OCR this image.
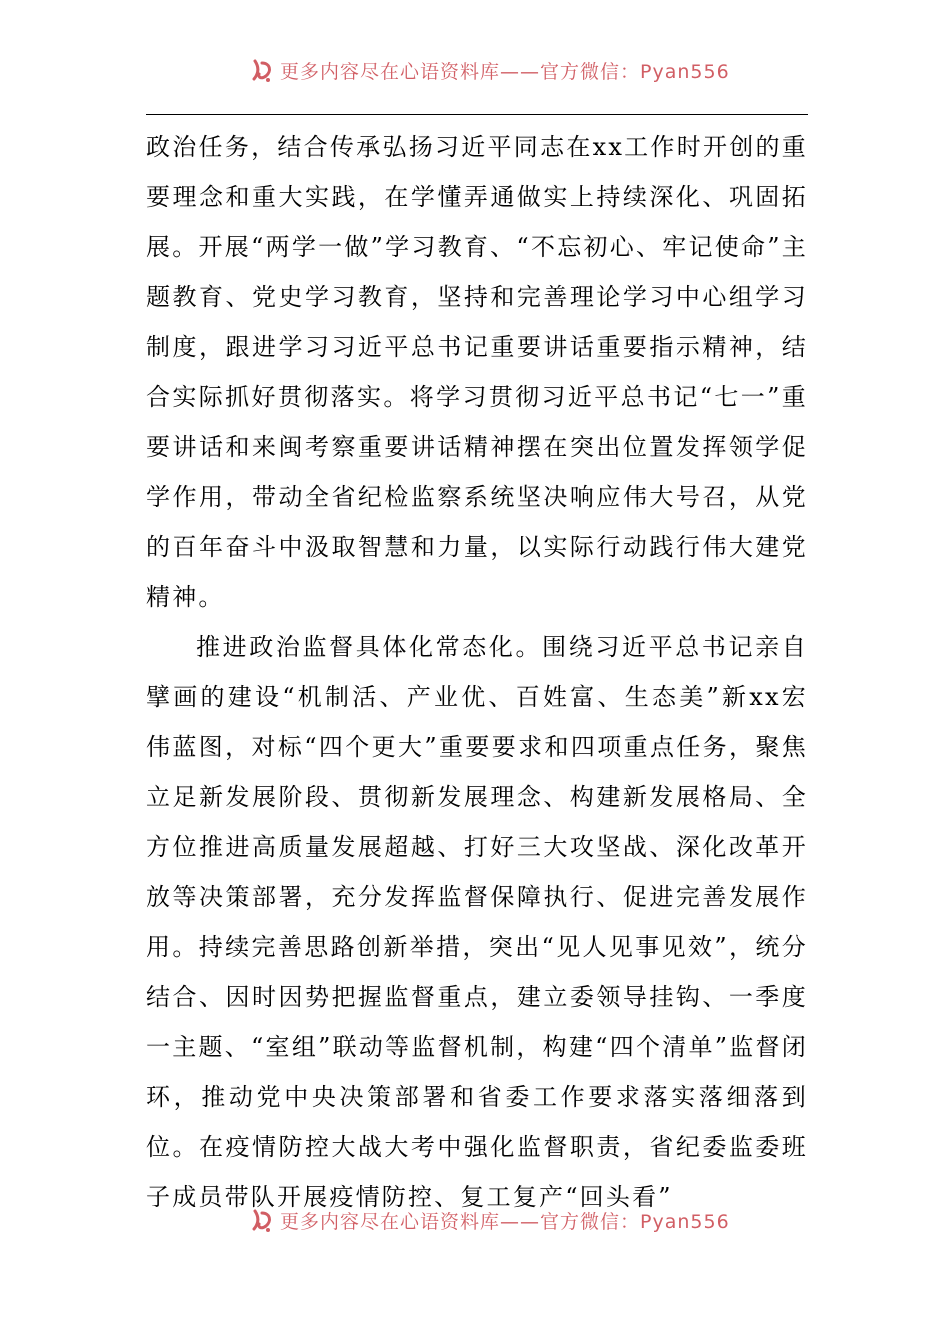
更多内容尽在心语资料库——官方微信：Pyan556

政治任务，结合传承弘扬习近平同志在xx工作时开创的重要理念和重大实践，在学懂弄通做实上持续深化、巩固拓展。开展“两学一做”学习教育、“不忘初心、牢记使命”主题教育、党史学习教育，坚持和完善理论学习中心组学习制度，跟进学习习近平总书记重要讲话重要指示精神，结合实际抓好贯彻落实。将学习贯彻习近平总书记“七一”重要讲话和来闽考察重要讲话精神摆在突出位置发挥领学促学作用，带动全省纪检监察系统坚决响应伟大号召，从党的百年奋斗中汲取智慧和力量，以实际行动践行伟大建党精神。

推进政治监督具体化常态化。围绕习近平总书记亲自擘画的建设“机制活、产业优、百姓富、生态美”新xx宏伟蓝图，对标“四个更大”重要要求和四项重点任务，聚焦立足新发展阶段、贯彻新发展理念、构建新发展格局、全方位推进高质量发展超越、打好三大攻坚战、深化改革开放等决策部署，充分发挥监督保障执行、促进完善发展作用。持续完善思路创新举措，突出“见人见事见效”，统分结合、因时因势把握监督重点，建立委领导挂钩、一季度一主题、“室组”联动等监督机制，构建“四个清单”监督闭环，推动党中央决策部署和省委工作要求落实落细落到位。在疫情防控大战大考中强化监督职责，省纪委监委班子成员带队开展疫情防控、复工复产“回头看”

更多内容尽在心语资料库——官方微信：Pyan556
